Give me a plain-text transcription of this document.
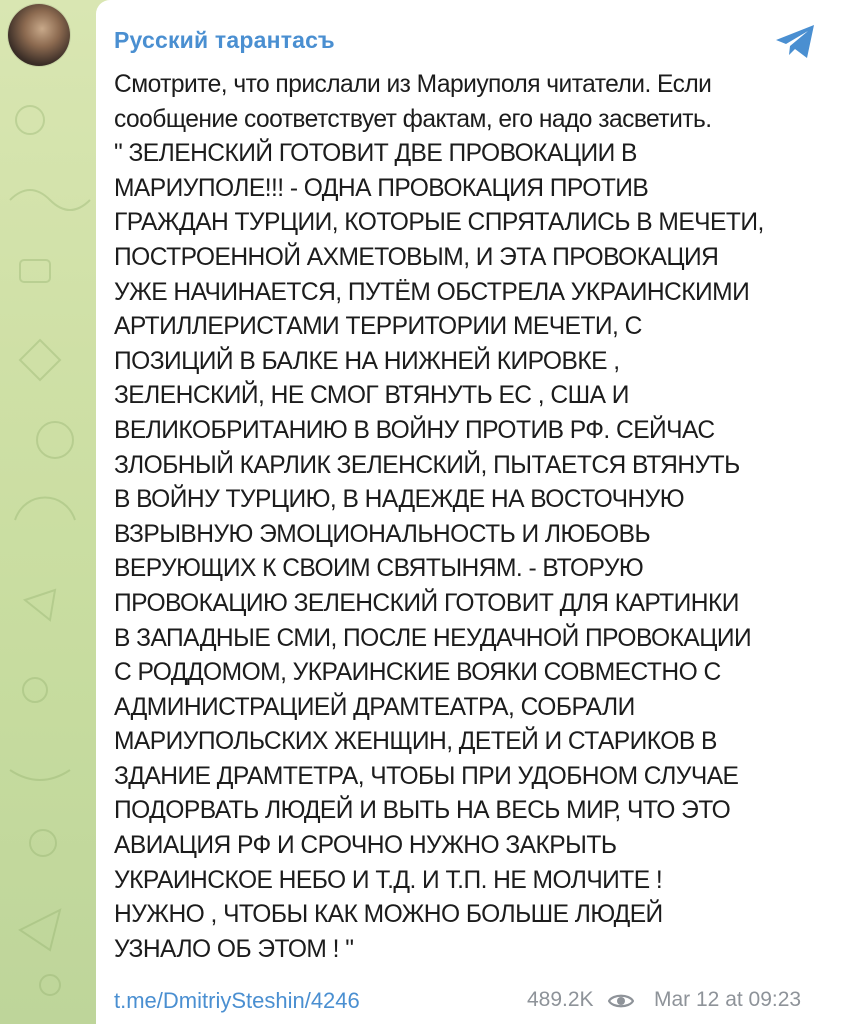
Русский тарантасъ
Смотрите, что прислали из Мариуполя читатели. Если
сообщение соответствует фактам, его надо засветить.
" ЗЕЛЕНСКИЙ ГОТОВИТ ДВЕ ПРОВОКАЦИИ В
МАРИУПОЛЕ!!! - ОДНА ПРОВОКАЦИЯ ПРОТИВ
ГРАЖДАН ТУРЦИИ, КОТОРЫЕ СПРЯТАЛИСЬ В МЕЧЕТИ,
ПОСТРОЕННОЙ АХМЕТОВЫМ, И ЭТА ПРОВОКАЦИЯ
УЖЕ НАЧИНАЕТСЯ, ПУТЁМ ОБСТРЕЛА УКРАИНСКИМИ
АРТИЛЛЕРИСТАМИ ТЕРРИТОРИИ МЕЧЕТИ, С
ПОЗИЦИЙ В БАЛКЕ НА НИЖНЕЙ КИРОВКЕ ,
ЗЕЛЕНСКИЙ, НЕ СМОГ ВТЯНУТЬ ЕС , США И
ВЕЛИКОБРИТАНИЮ В ВОЙНУ ПРОТИВ РФ. СЕЙЧАС
ЗЛОБНЫЙ КАРЛИК ЗЕЛЕНСКИЙ, ПЫТАЕТСЯ ВТЯНУТЬ
В ВОЙНУ ТУРЦИЮ, В НАДЕЖДЕ НА ВОСТОЧНУЮ
ВЗРЫВНУЮ ЭМОЦИОНАЛЬНОСТЬ И ЛЮБОВЬ
ВЕРУЮЩИХ К СВОИМ СВЯТЫНЯМ. - ВТОРУЮ
ПРОВОКАЦИЮ ЗЕЛЕНСКИЙ ГОТОВИТ ДЛЯ КАРТИНКИ
В ЗАПАДНЫЕ СМИ, ПОСЛЕ НЕУДАЧНОЙ ПРОВОКАЦИИ
С РОДДОМОМ, УКРАИНСКИЕ ВОЯКИ СОВМЕСТНО С
АДМИНИСТРАЦИЕЙ ДРАМТЕАТРА, СОБРАЛИ
МАРИУПОЛЬСКИХ ЖЕНЩИН, ДЕТЕЙ И СТАРИКОВ В
ЗДАНИЕ ДРАМТЕТРА, ЧТОБЫ ПРИ УДОБНОМ СЛУЧАЕ
ПОДОРВАТЬ ЛЮДЕЙ И ВЫТЬ НА ВЕСЬ МИР, ЧТО ЭТО
АВИАЦИЯ РФ И СРОЧНО НУЖНО ЗАКРЫТЬ
УКРАИНСКОЕ НЕБО И Т.Д. И Т.П. НЕ МОЛЧИТЕ !
НУЖНО , ЧТОБЫ КАК МОЖНО БОЛЬШЕ ЛЮДЕЙ
УЗНАЛО ОБ ЭТОМ ! "
t.me/DmitriySteshin/4246	489.2K	Mar 12 at 09:23
